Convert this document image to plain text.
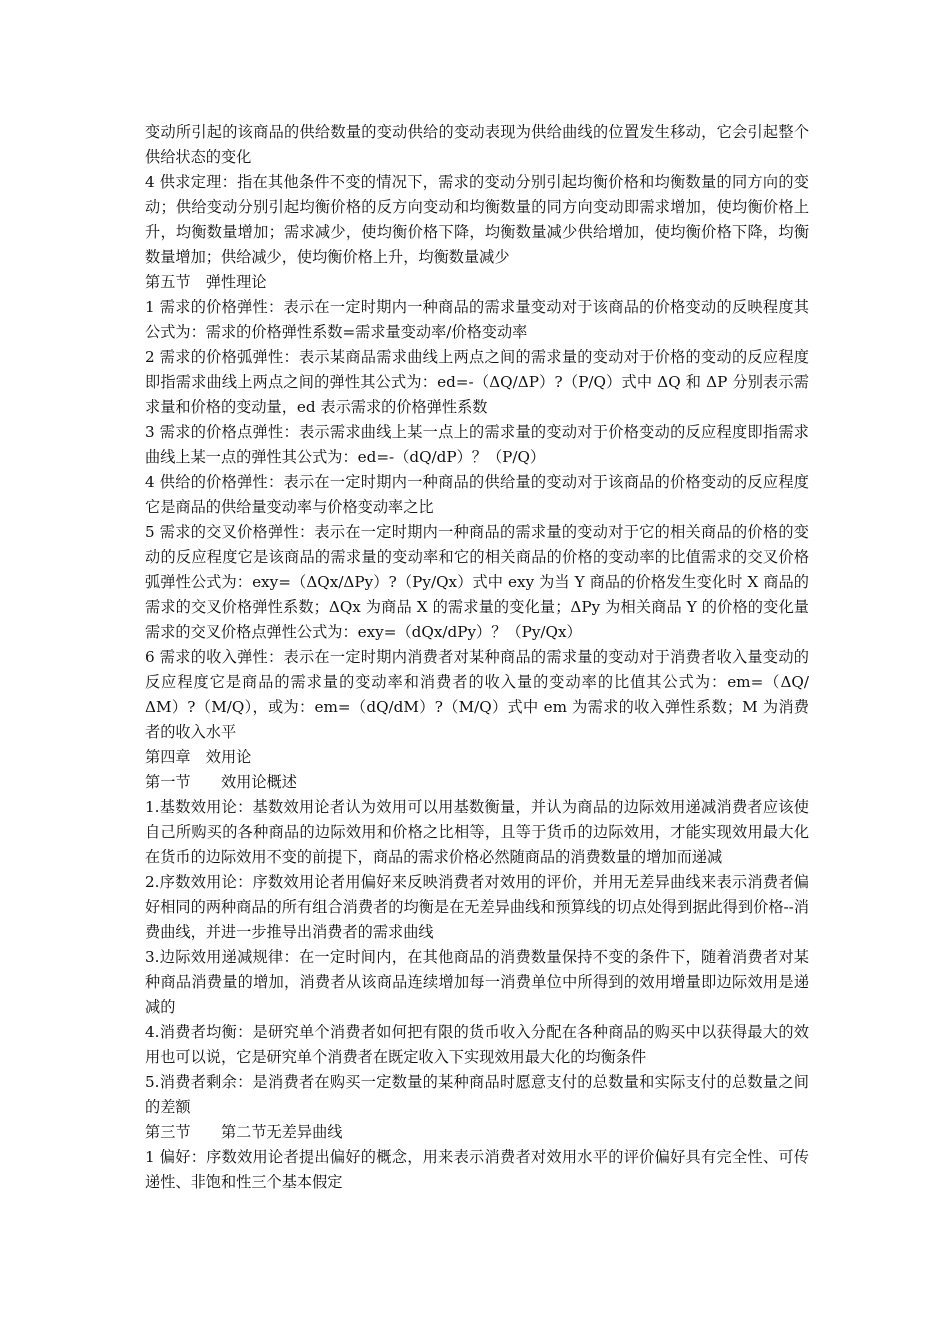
变动所引起的该商品的供给数量的变动供给的变动表现为供给曲线的位置发生移动，它会引起整个供给状态的变化

4 供求定理：指在其他条件不变的情况下，需求的变动分别引起均衡价格和均衡数量的同方向的变动；供给变动分别引起均衡价格的反方向变动和均衡数量的同方向变动即需求增加，使均衡价格上升，均衡数量增加；需求减少，使均衡价格下降，均衡数量减少供给增加，使均衡价格下降，均衡数量增加；供给减少，使均衡价格上升，均衡数量减少

第五节　弹性理论

1 需求的价格弹性：表示在一定时期内一种商品的需求量变动对于该商品的价格变动的反映程度其公式为：需求的价格弹性系数=需求量变动率/价格变动率

2 需求的价格弧弹性：表示某商品需求曲线上两点之间的需求量的变动对于价格的变动的反应程度即指需求曲线上两点之间的弹性其公式为：ed=-（ΔQ/ΔP）?（P/Q）式中 ΔQ 和 ΔP 分别表示需求量和价格的变动量，ed 表示需求的价格弹性系数

3 需求的价格点弹性：表示需求曲线上某一点上的需求量的变动对于价格变动的反应程度即指需求曲线上某一点的弹性其公式为：ed=-（dQ/dP）？（P/Q）

4 供给的价格弹性：表示在一定时期内一种商品的供给量的变动对于该商品的价格变动的反应程度它是商品的供给量变动率与价格变动率之比

5 需求的交叉价格弹性：表示在一定时期内一种商品的需求量的变动对于它的相关商品的价格的变动的反应程度它是该商品的需求量的变动率和它的相关商品的价格的变动率的比值需求的交叉价格弧弹性公式为：exy=（ΔQx/ΔPy）?（Py/Qx）式中 exy 为当 Y 商品的价格发生变化时 X 商品的需求的交叉价格弹性系数；ΔQx 为商品 X 的需求量的变化量；ΔPy 为相关商品 Y 的价格的变化量需求的交叉价格点弹性公式为：exy=（dQx/dPy）？（Py/Qx）

6 需求的收入弹性：表示在一定时期内消费者对某种商品的需求量的变动对于消费者收入量变动的反应程度它是商品的需求量的变动率和消费者的收入量的变动率的比值其公式为：em=（ΔQ/ΔM）?（M/Q），或为：em=（dQ/dM）?（M/Q）式中 em 为需求的收入弹性系数；M 为消费者的收入水平

第四章　效用论

第一节　　效用论概述

1.基数效用论：基数效用论者认为效用可以用基数衡量，并认为商品的边际效用递减消费者应该使自己所购买的各种商品的边际效用和价格之比相等，且等于货币的边际效用，才能实现效用最大化在货币的边际效用不变的前提下，商品的需求价格必然随商品的消费数量的增加而递减

2.序数效用论：序数效用论者用偏好来反映消费者对效用的评价，并用无差异曲线来表示消费者偏好相同的两种商品的所有组合消费者的均衡是在无差异曲线和预算线的切点处得到据此得到价格--消费曲线，并进一步推导出消费者的需求曲线

3.边际效用递减规律：在一定时间内，在其他商品的消费数量保持不变的条件下，随着消费者对某种商品消费量的增加，消费者从该商品连续增加每一消费单位中所得到的效用增量即边际效用是递减的

4.消费者均衡：是研究单个消费者如何把有限的货币收入分配在各种商品的购买中以获得最大的效用也可以说，它是研究单个消费者在既定收入下实现效用最大化的均衡条件

5.消费者剩余：是消费者在购买一定数量的某种商品时愿意支付的总数量和实际支付的总数量之间的差额

第三节　　第二节无差异曲线

1 偏好：序数效用论者提出偏好的概念，用来表示消费者对效用水平的评价偏好具有完全性、可传递性、非饱和性三个基本假定
